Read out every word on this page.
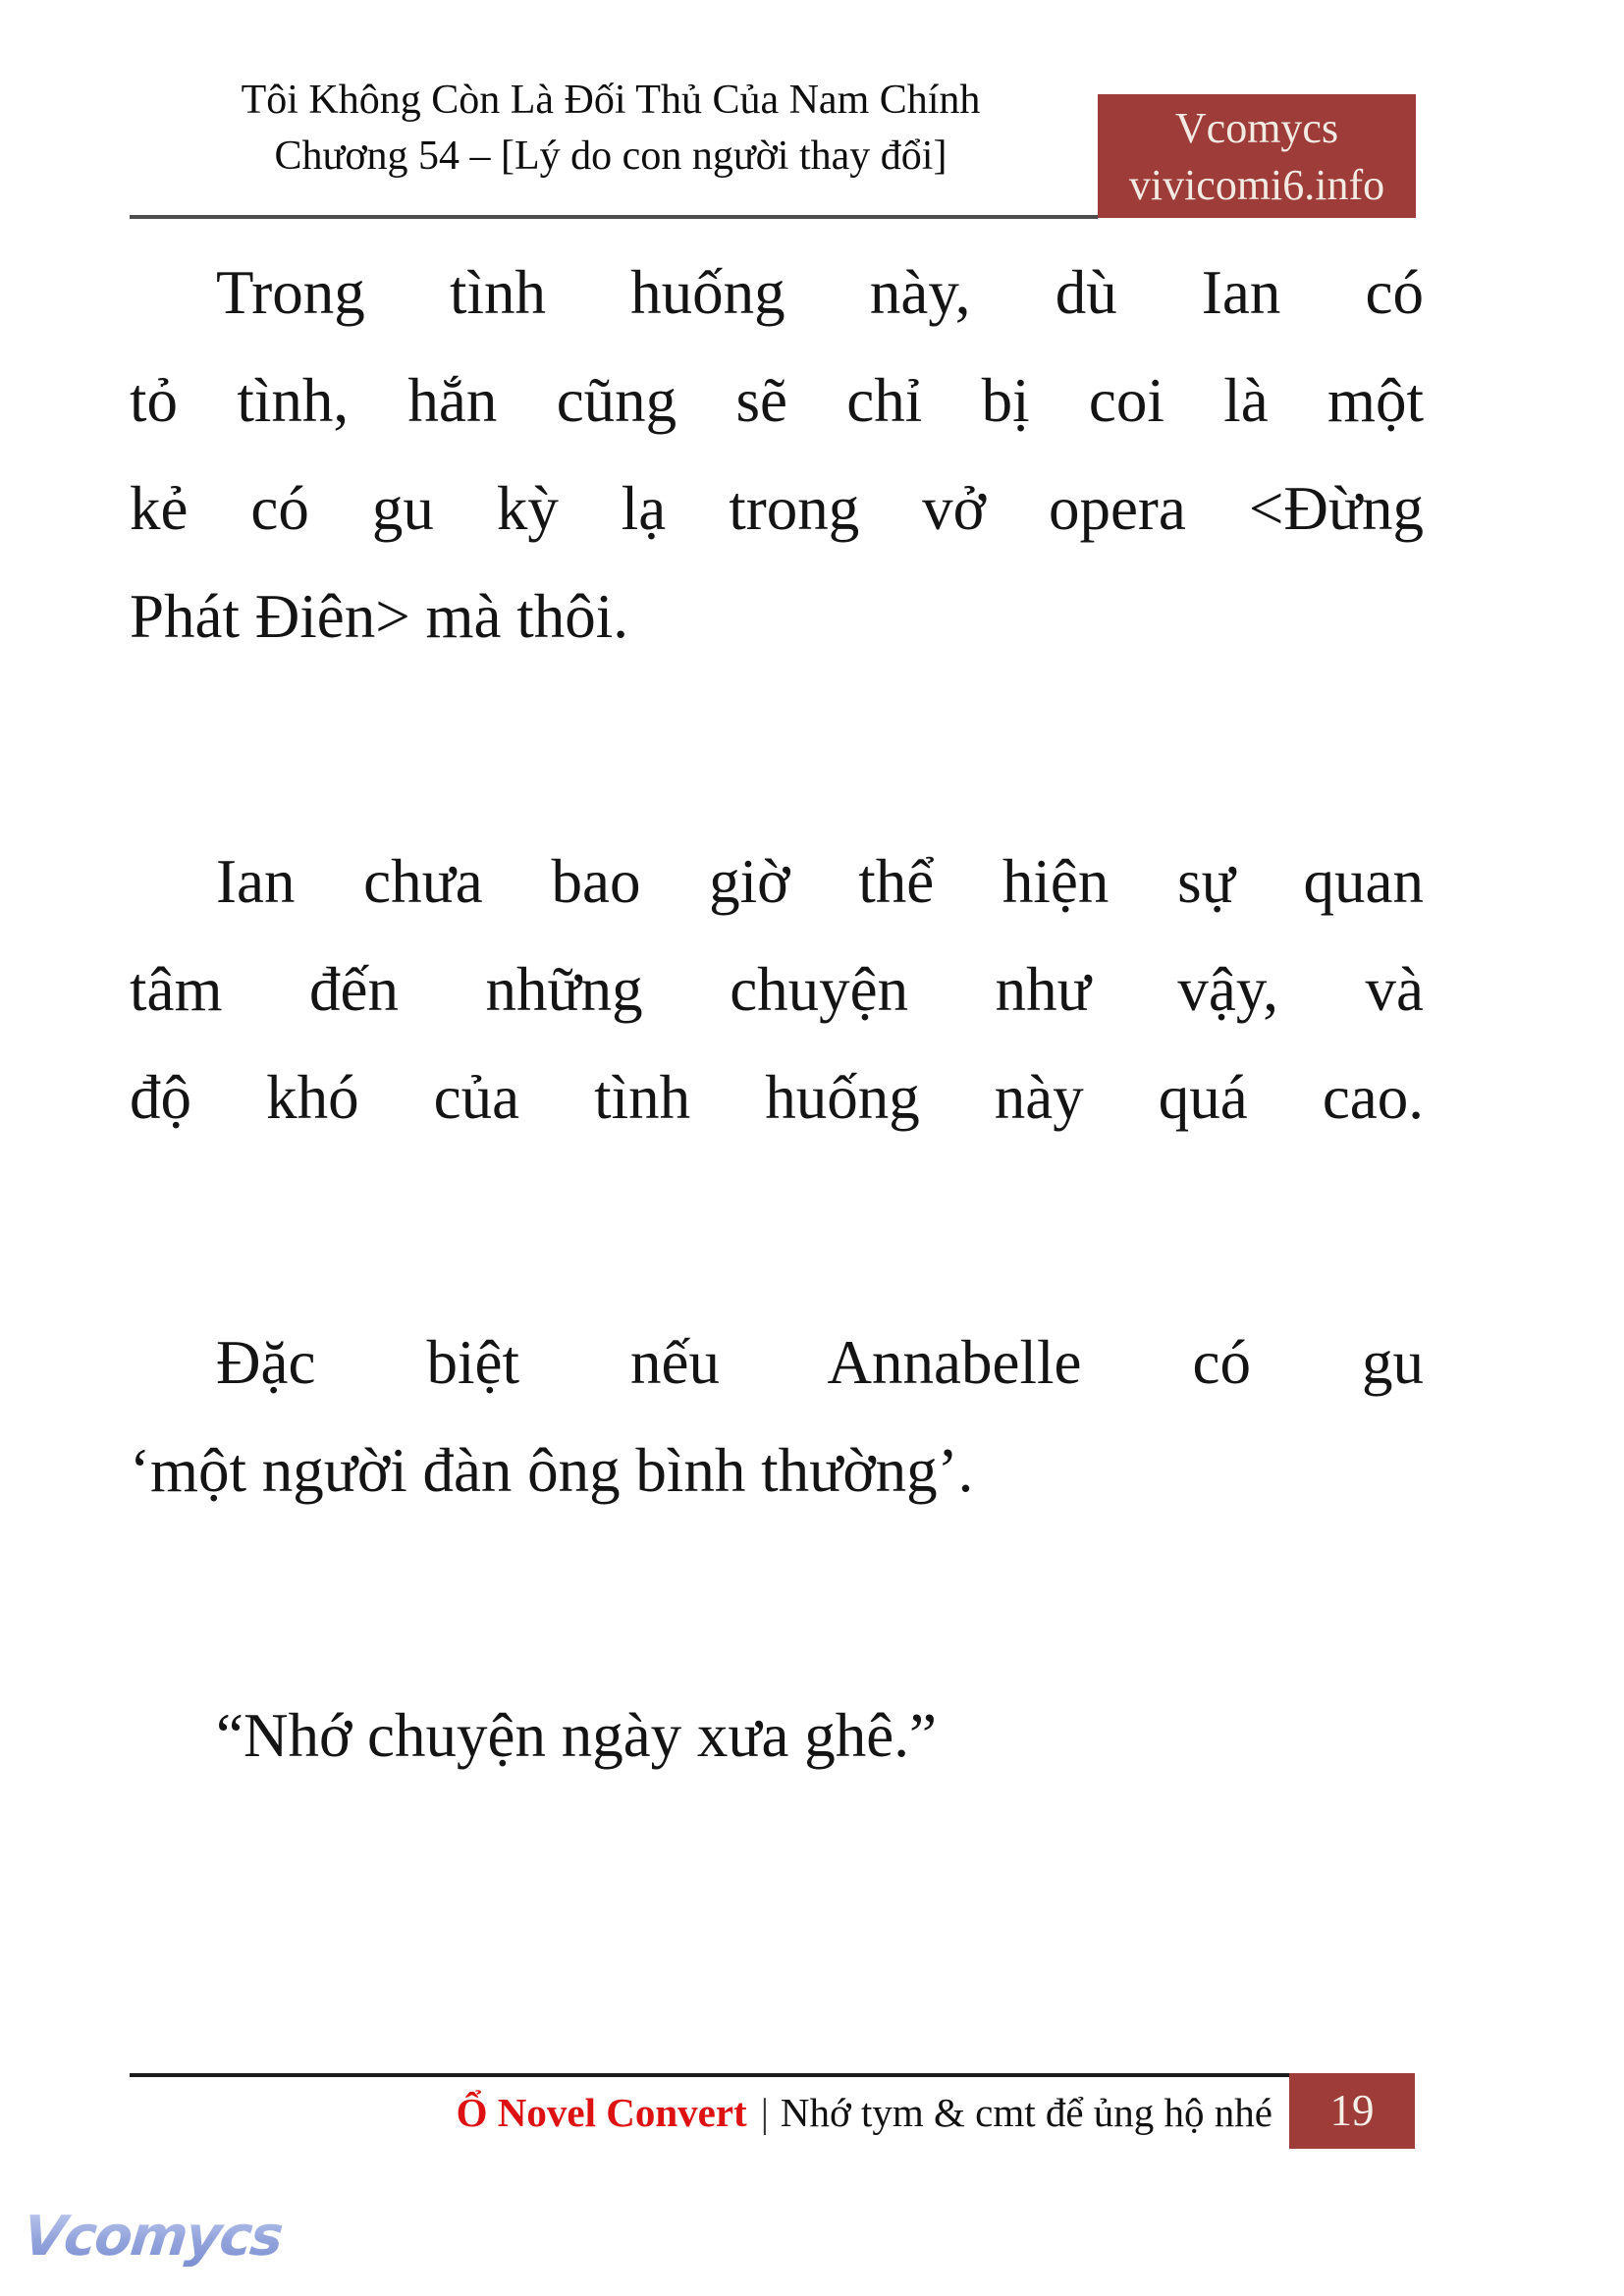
Tôi Không Còn Là Đối Thủ Của Nam Chính
Chương 54 – [Lý do con người thay đổi]
Vcomycs
vivicomi6.info
Trong tình huống này, dù Ian có
tỏ tình, hắn cũng sẽ chỉ bị coi là một
kẻ có gu kỳ lạ trong vở opera <Đừng
Phát Điên> mà thôi.
Ian chưa bao giờ thể hiện sự quan
tâm đến những chuyện như vậy, và
độ khó của tình huống này quá cao.
Đặc biệt nếu Annabelle có gu
‘một người đàn ông bình thường’.
“Nhớ chuyện ngày xưa ghê.”
Ổ Novel Convert | Nhớ tym & cmt để ủng hộ nhé	19
Vcomycs
